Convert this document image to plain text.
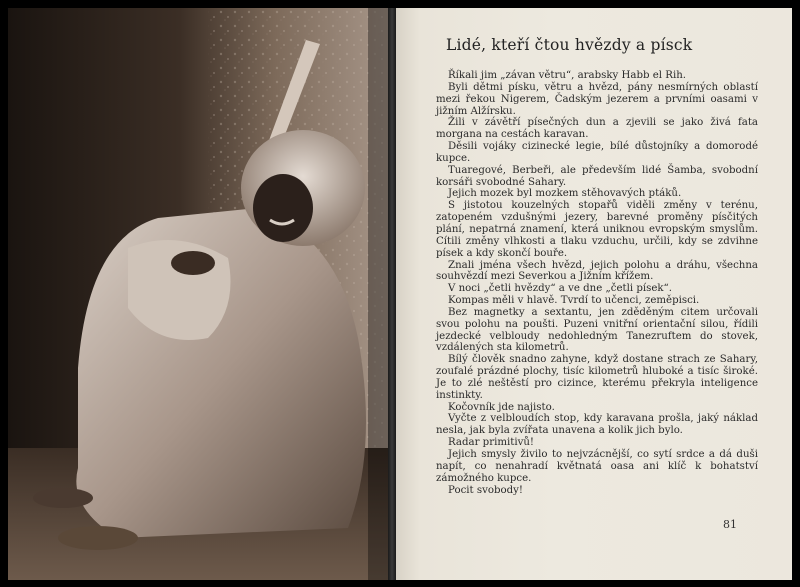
Lidé, kteří čtou hvězdy a písck

Říkali jim „závan větru“, arabsky Habb el Rih.

Byli dětmi písku, větru a hvězd, pány nesmírných oblastí mezi řekou Nigerem, Čadským jezerem a prvními oasami v jižním Alžírsku.

Žili v závětří písečných dun a zjevili se jako živá fata morgana na cestách karavan.

Děsili vojáky cizinecké legie, bílé důstojníky a domorodé kupce.

Tuaregové, Berbeři, ale především lidé Šamba, svobodní korsáři svobodné Sahary.

Jejich mozek byl mozkem stěhovavých ptáků.

S jistotou kouzelných stopařů viděli změny v terénu, zatopeném vzdušnými jezery, barevné proměny písčitých plání, nepatrná znamení, která uniknou evropským smyslům. Cítili změny vlhkosti a tlaku vzduchu, určili, kdy se zdvihne písek a kdy skončí bouře.

Znali jména všech hvězd, jejich polohu a dráhu, všechna souhvězdí mezi Severkou a Jižním křížem.

V noci „četli hvězdy“ a ve dne „četli písek“.

Kompas měli v hlavě. Tvrdí to učenci, zeměpisci.

Bez magnetky a sextantu, jen zděděným citem určovali svou polohu na poušti. Puzeni vnitřní orientační silou, řídili jezdecké velbloudy nedohledným Tanezruftem do stovek, vzdálených sta kilometrů.

Bílý člověk snadno zahyne, když dostane strach ze Sahary, zoufalé prázdné plochy, tisíc kilometrů hluboké a tisíc široké. Je to zlé neštěstí pro cizince, kterému překryla inteligence instinkty.

Kočovník jde najisto.

Vyčte z velbloudích stop, kdy karavana prošla, jaký náklad nesla, jak byla zvířata unavena a kolik jich bylo.

Radar primitivů!

Jejich smysly živilo to nejvzácnější, co sytí srdce a dá duši napít, co nenahradí květnatá oasa ani klíč k bohatství zámožného kupce.

Pocit svobody!

81
